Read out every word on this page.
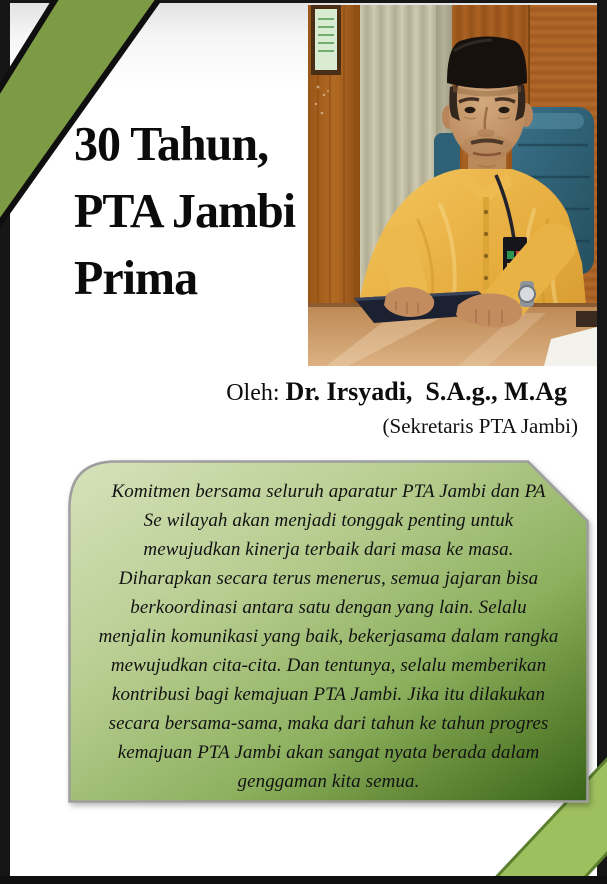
30 Tahun,
PTA Jambi
Prima
Oleh: Dr. Irsyadi,  S.A.g., M.Ag
(Sekretaris PTA Jambi)
Komitmen bersama seluruh aparatur PTA Jambi dan PA
Se wilayah akan menjadi tonggak penting untuk
mewujudkan kinerja terbaik dari masa ke masa.
Diharapkan secara terus menerus, semua jajaran bisa
berkoordinasi antara satu dengan yang lain. Selalu
menjalin komunikasi yang baik, bekerjasama dalam rangka
mewujudkan cita-cita. Dan tentunya, selalu memberikan
kontribusi bagi kemajuan PTA Jambi. Jika itu dilakukan
secara bersama-sama, maka dari tahun ke tahun progres
kemajuan PTA Jambi akan sangat nyata berada dalam
genggaman kita semua.
